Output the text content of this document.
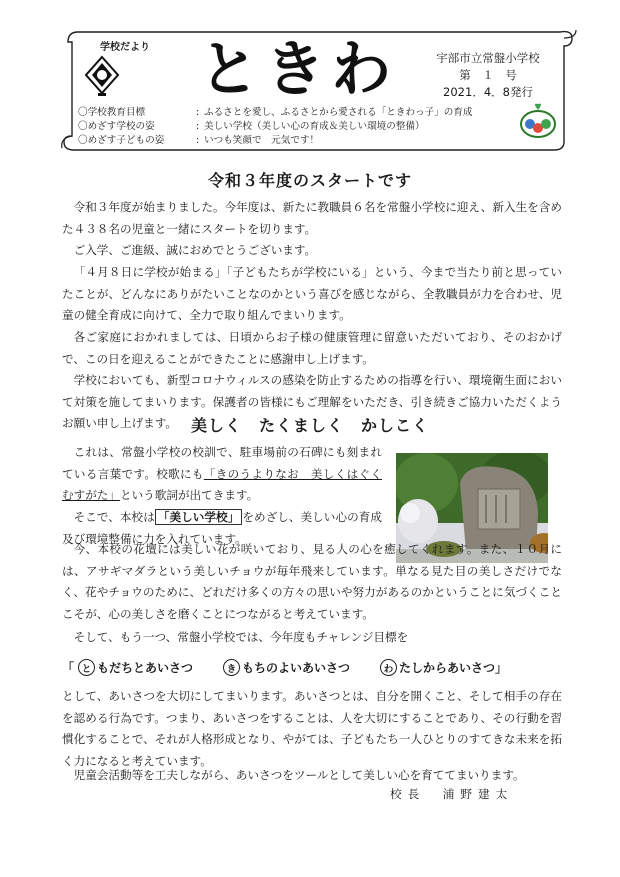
学校だより ときわ	宇部市立常盤小学校
第　１　号
2021．4．8発行
〇学校教育目標	: ふるさとを愛し、ふるさとから愛される「ときわっ子」の育成
〇めざす学校の姿	: 美しい学校（美しい心の育成＆美しい環境の整備）
〇めざす子どもの姿	: いつも笑顔で　元気です！
令和３年度のスタートです

令和３年度が始まりました。今年度は、新たに教職員６名を常盤小学校に迎え、新入生を含めた４３８名の児童と一緒にスタートを切ります。

ご入学、ご進級、誠におめでとうございます。

「４月８日に学校が始まる」「子どもたちが学校にいる」という、今まで当たり前と思っていたことが、どんなにありがたいことなのかという喜びを感じながら、全教職員が力を合わせ、児童の健全育成に向けて、全力で取り組んでまいります。

各ご家庭におかれましては、日頃からお子様の健康管理に留意いただいており、そのおかげで、この日を迎えることができたことに感謝申し上げます。

学校においても、新型コロナウィルスの感染を防止するための指導を行い、環境衛生面において対策を施してまいります。保護者の皆様にもご理解をいただき、引き続きご協力いただくようお願い申し上げます。 美しく　たくましく　かしこく

これは、常盤小学校の校訓で、駐車場前の石碑にも刻まれている言葉です。校歌にも「きのうよりなお　美しくはぐくむすがた」という歌詞が出てきます。

そこで、本校は 「美しい学校」 をめざし、美しい心の育成及び環境整備に力を入れています。

今、本校の花壇には美しい花が咲いており、見る人の心を癒してくれます。また、１０月には、アサギマダラという美しいチョウが毎年飛来しています。単なる見た目の美しさだけでなく、花やチョウのために、どれだけ多くの方々の思いや努力があるのかということに気づくことこそが、心の美しさを磨くことにつながると考えています。

そして、もう一つ、常盤小学校では、今年度もチャレンジ目標を

「 と もだちとあいさつ	き もちのよいあいさつ	わ たしからあいさつ」

として、あいさつを大切にしてまいります。あいさつとは、自分を開くこと、そして相手の存在を認める行為です。つまり、あいさつをすることは、人を大切にすることであり、その行動を習慣化することで、それが人格形成となり、やがては、子どもたち一人ひとりのすてきな未来を拓く力になると考えています。

児童会活動等を工夫しながら、あいさつをツールとして美しい心を育ててまいります。

校長　浦野建太
